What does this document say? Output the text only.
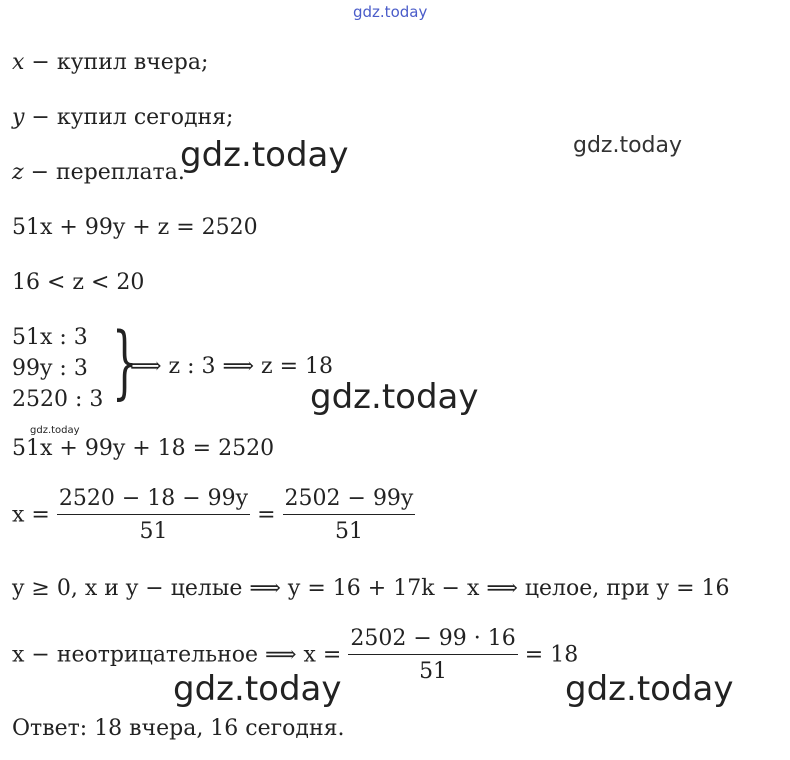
gdz.today
gdz.today
gdz.today
gdz.today
gdz.today
gdz.today	gdz.today
x − купил вчера;
y − купил сегодня;
z − переплата.
51x + 99y + z = 2520
16 < z < 20
51x : 3
99y : 3
2520 : 3 }
⟹ z : 3 ⟹ z = 18
51x + 99y + 18 = 2520
$x = \frac{2520 - 18 - 99y}{51} = \frac{2502 - 99y}{51}$
y ≥ 0, x и y − целые ⟹ y = 16 + 17k − x ⟹ целое, при y = 16
x − неотрицательное ⟹ $x = \frac{2502 - 99 \cdot 16}{51} = 18$
Ответ: 18 вчера, 16 сегодня.
